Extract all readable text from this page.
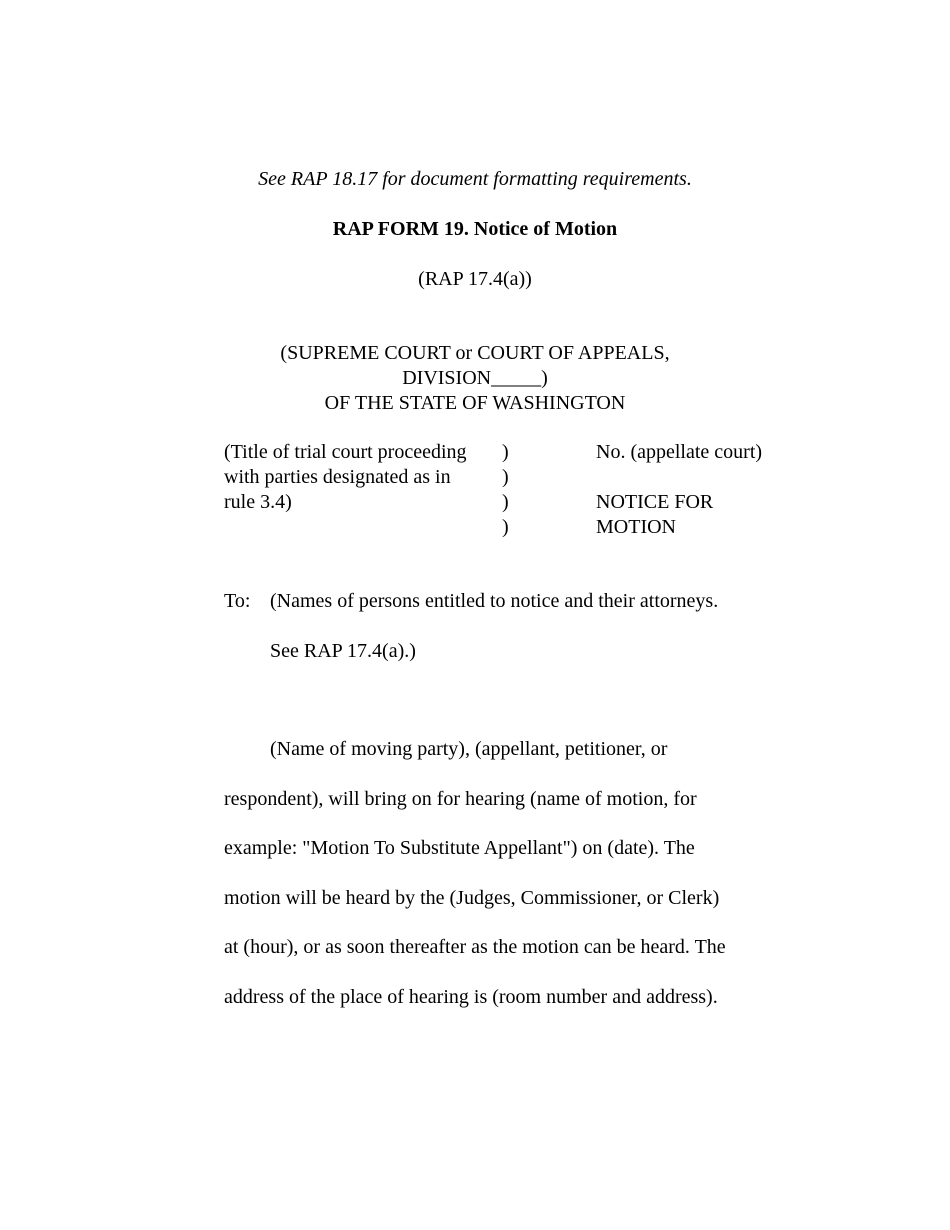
See RAP 18.17 for document formatting requirements.
RAP FORM 19. Notice of Motion
(RAP 17.4(a))
(SUPREME COURT or COURT OF APPEALS,
DIVISION_____)
OF THE STATE OF WASHINGTON
(Title of trial court proceeding
with parties designated as in
rule 3.4)
)
)
)
)
No. (appellate court)
NOTICE FOR
MOTION
To: (Names of persons entitled to notice and their attorneys.
See RAP 17.4(a).)
(Name of moving party), (appellant, petitioner, or
respondent), will bring on for hearing (name of motion, for
example: "Motion To Substitute Appellant") on (date). The
motion will be heard by the (Judges, Commissioner, or Clerk)
at (hour), or as soon thereafter as the motion can be heard. The
address of the place of hearing is (room number and address).
